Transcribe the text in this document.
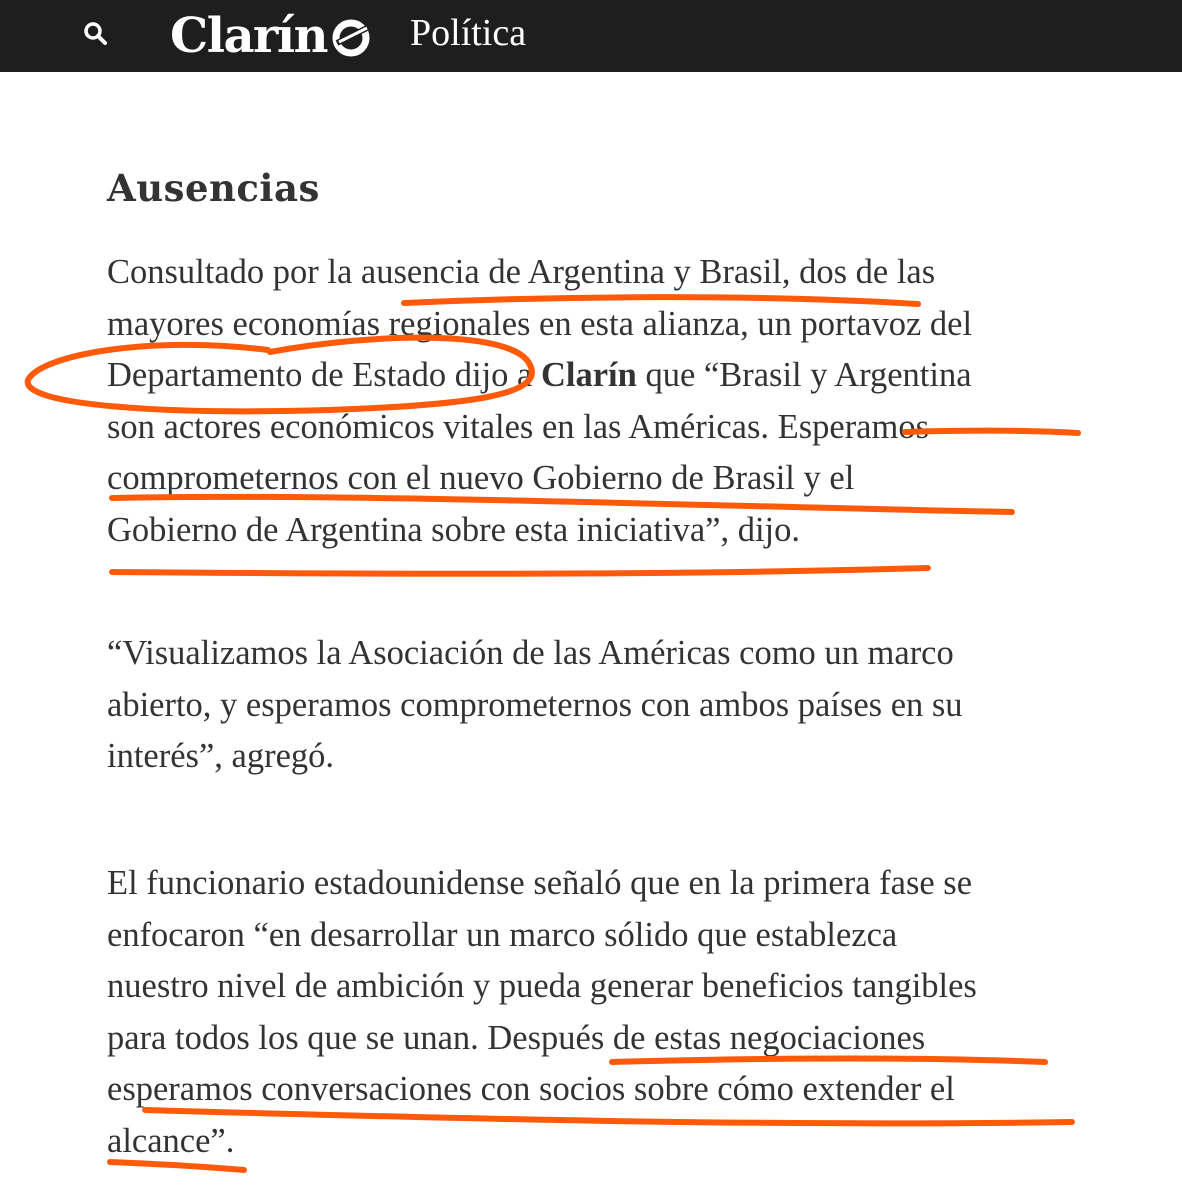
Clarín Política
Ausencias

Consultado por la ausencia de Argentina y Brasil, dos de las
mayores economías regionales en esta alianza, un portavoz del
Departamento de Estado dijo a Clarín que “Brasil y Argentina
son actores económicos vitales en las Américas. Esperamos
comprometernos con el nuevo Gobierno de Brasil y el
Gobierno de Argentina sobre esta iniciativa”, dijo.

“Visualizamos la Asociación de las Américas como un marco
abierto, y esperamos comprometernos con ambos países en su
interés”, agregó.

El funcionario estadounidense señaló que en la primera fase se
enfocaron “en desarrollar un marco sólido que establezca
nuestro nivel de ambición y pueda generar beneficios tangibles
para todos los que se unan. Después de estas negociaciones
esperamos conversaciones con socios sobre cómo extender el
alcance”.
